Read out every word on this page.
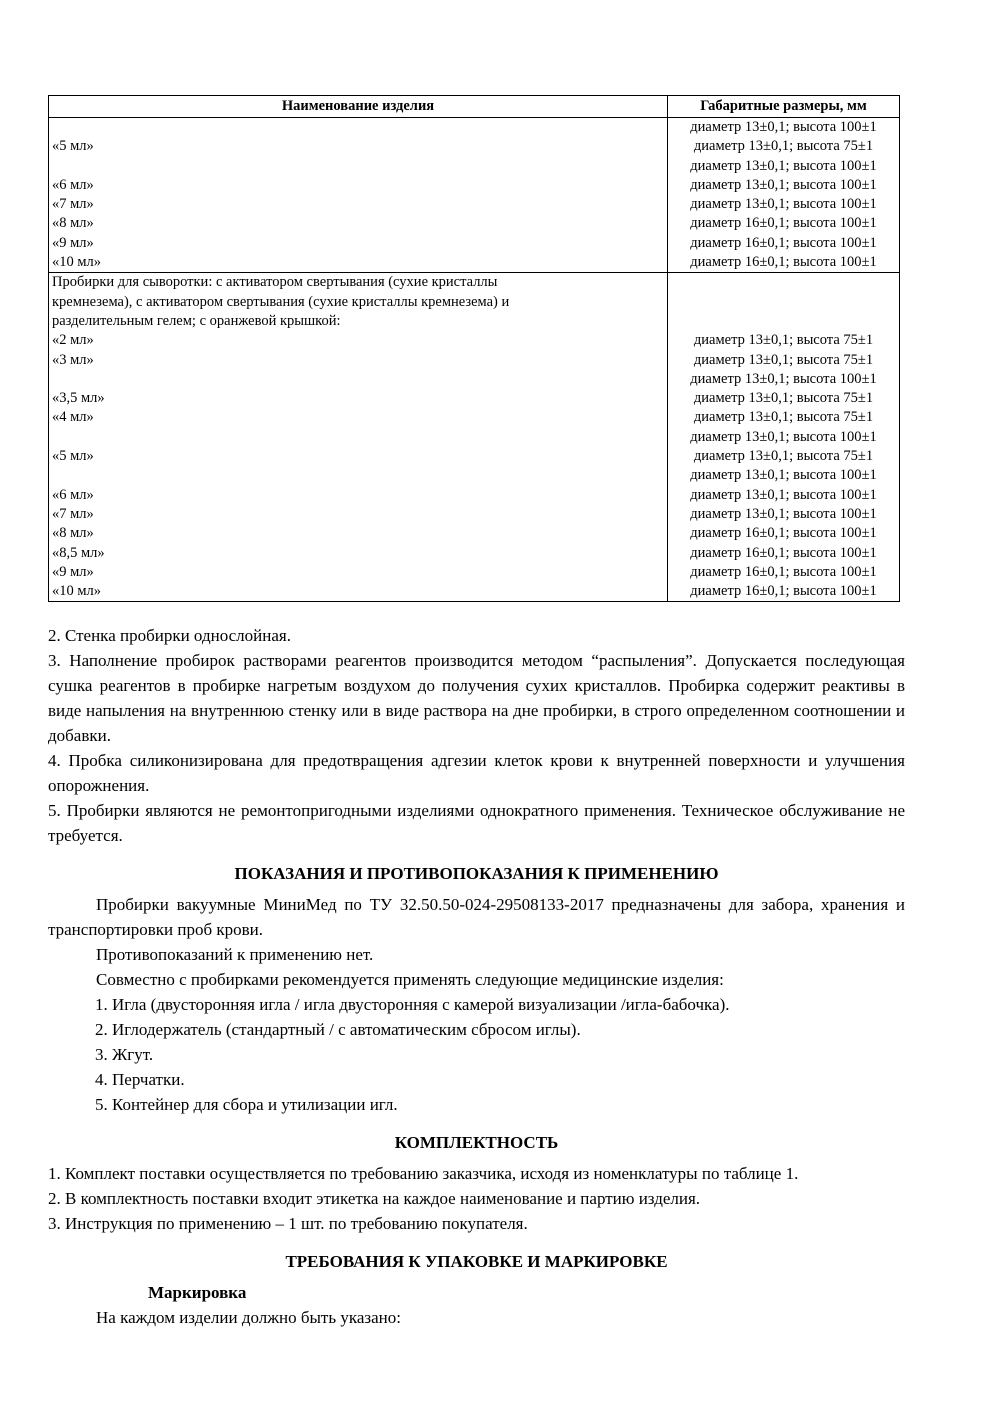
Наименование изделия	Габаритные размеры, мм

«5 мл»

«6 мл»
«7 мл»
«8 мл»
«9 мл»
«10 мл»
диаметр 13±0,1; высота 100±1
диаметр 13±0,1; высота 75±1
диаметр 13±0,1; высота 100±1
диаметр 13±0,1; высота 100±1
диаметр 13±0,1; высота 100±1
диаметр 16±0,1; высота 100±1
диаметр 16±0,1; высота 100±1
диаметр 16±0,1; высота 100±1
Пробирки для сыворотки: с активатором свертывания (сухие кристаллы
кремнезема), с активатором свертывания (сухие кристаллы кремнезема) и
разделительным гелем; с оранжевой крышкой:
«2 мл»
«3 мл»

«3,5 мл»
«4 мл»

«5 мл»

«6 мл»
«7 мл»
«8 мл»
«8,5 мл»
«9 мл»
«10 мл»

диаметр 13±0,1; высота 75±1
диаметр 13±0,1; высота 75±1
диаметр 13±0,1; высота 100±1
диаметр 13±0,1; высота 75±1
диаметр 13±0,1; высота 75±1
диаметр 13±0,1; высота 100±1
диаметр 13±0,1; высота 75±1
диаметр 13±0,1; высота 100±1
диаметр 13±0,1; высота 100±1
диаметр 13±0,1; высота 100±1
диаметр 16±0,1; высота 100±1
диаметр 16±0,1; высота 100±1
диаметр 16±0,1; высота 100±1
диаметр 16±0,1; высота 100±1

2. Стенка пробирки однослойная.

3. Наполнение пробирок растворами реагентов производится методом “распыления”. Допускается последующая сушка реагентов в пробирке нагретым воздухом до получения сухих кристаллов. Пробирка содержит реактивы в виде напыления на внутреннюю стенку или в виде раствора на дне пробирки, в строго определенном соотношении и добавки.

4. Пробка силиконизирована для предотвращения адгезии клеток крови к внутренней поверхности и улучшения опорожнения.

5. Пробирки являются не ремонтопригодными изделиями однократного применения. Техническое обслуживание не требуется.

ПОКАЗАНИЯ И ПРОТИВОПОКАЗАНИЯ К ПРИМЕНЕНИЮ

Пробирки вакуумные МиниМед по ТУ 32.50.50-024-29508133-2017 предназначены для забора, хранения и транспортировки проб крови.

Противопоказаний к применению нет.

Совместно с пробирками рекомендуется применять следующие медицинские изделия:

1. Игла (двусторонняя игла / игла двусторонняя с камерой визуализации /игла-бабочка).

2. Иглодержатель (стандартный / с автоматическим сбросом иглы).

3. Жгут.

4. Перчатки.

5. Контейнер для сбора и утилизации игл.

КОМПЛЕКТНОСТЬ

1. Комплект поставки осуществляется по требованию заказчика, исходя из номенклатуры по таблице 1.

2. В комплектность поставки входит этикетка на каждое наименование и партию изделия.

3. Инструкция по применению – 1 шт. по требованию покупателя.

ТРЕБОВАНИЯ К УПАКОВКЕ И МАРКИРОВКЕ

Маркировка

На каждом изделии должно быть указано:
